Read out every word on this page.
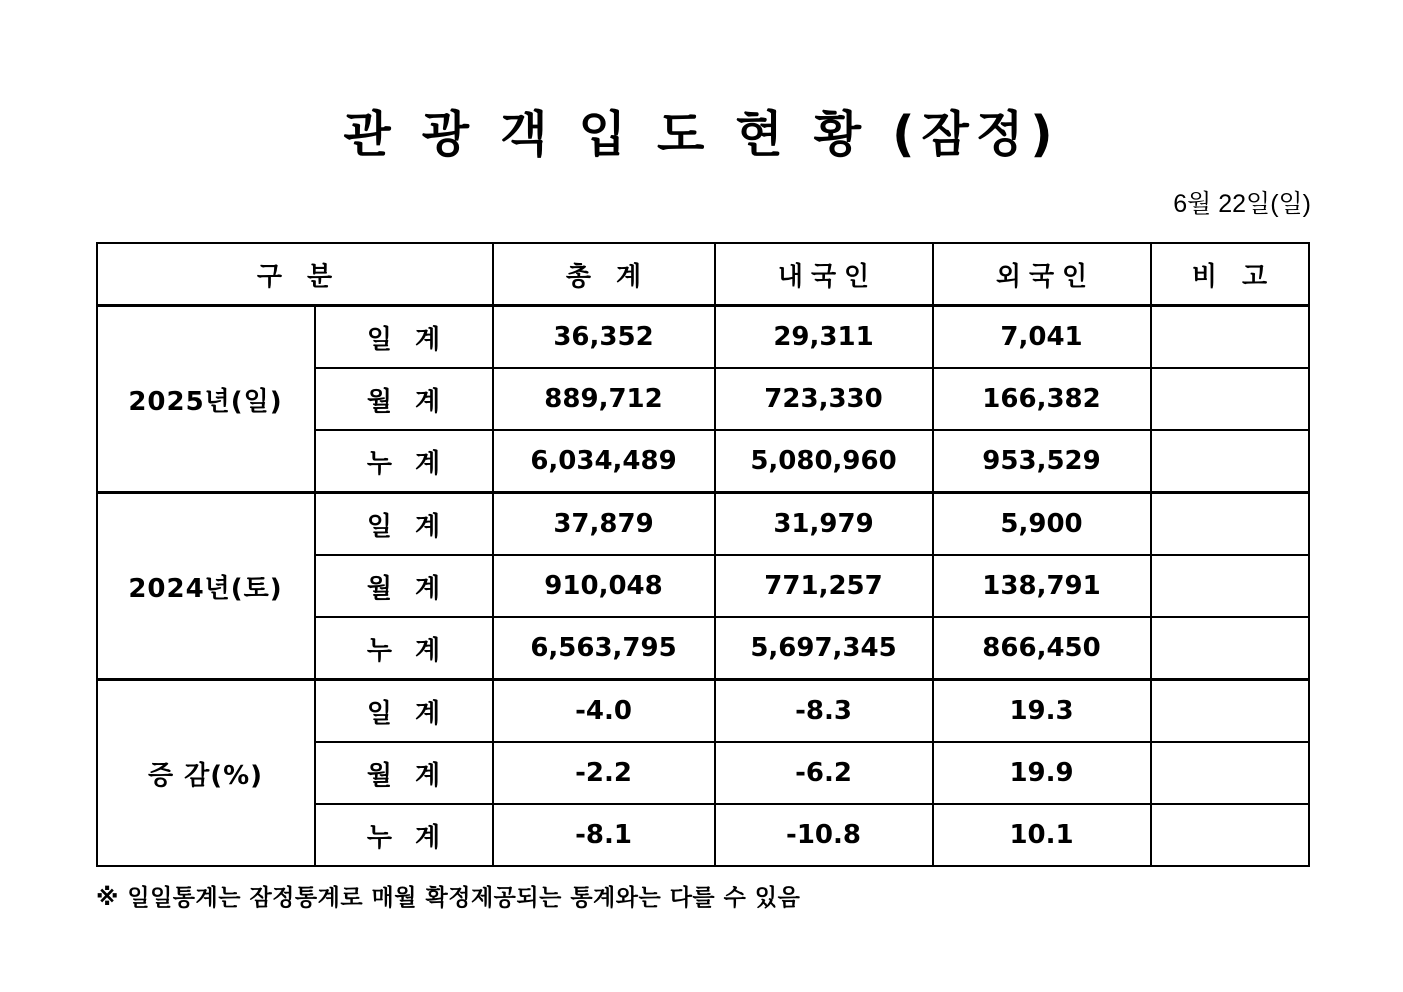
관 광 객 입 도 현 황 (잠정)
6월 22일(일)
구 분		총 계	내국인	외국인	비 고
2025년(일)	일 계	36,352	29,311	7,041	
	월 계	889,712	723,330	166,382	
	누 계	6,034,489	5,080,960	953,529	
2024년(토)	일 계	37,879	31,979	5,900	
	월 계	910,048	771,257	138,791	
	누 계	6,563,795	5,697,345	866,450	
증 감(%)	일 계	-4.0	-8.3	19.3	
	월 계	-2.2	-6.2	19.9	
	누 계	-8.1	-10.8	10.1	
※ 일일통계는 잠정통계로 매월 확정제공되는 통계와는 다를 수 있음
